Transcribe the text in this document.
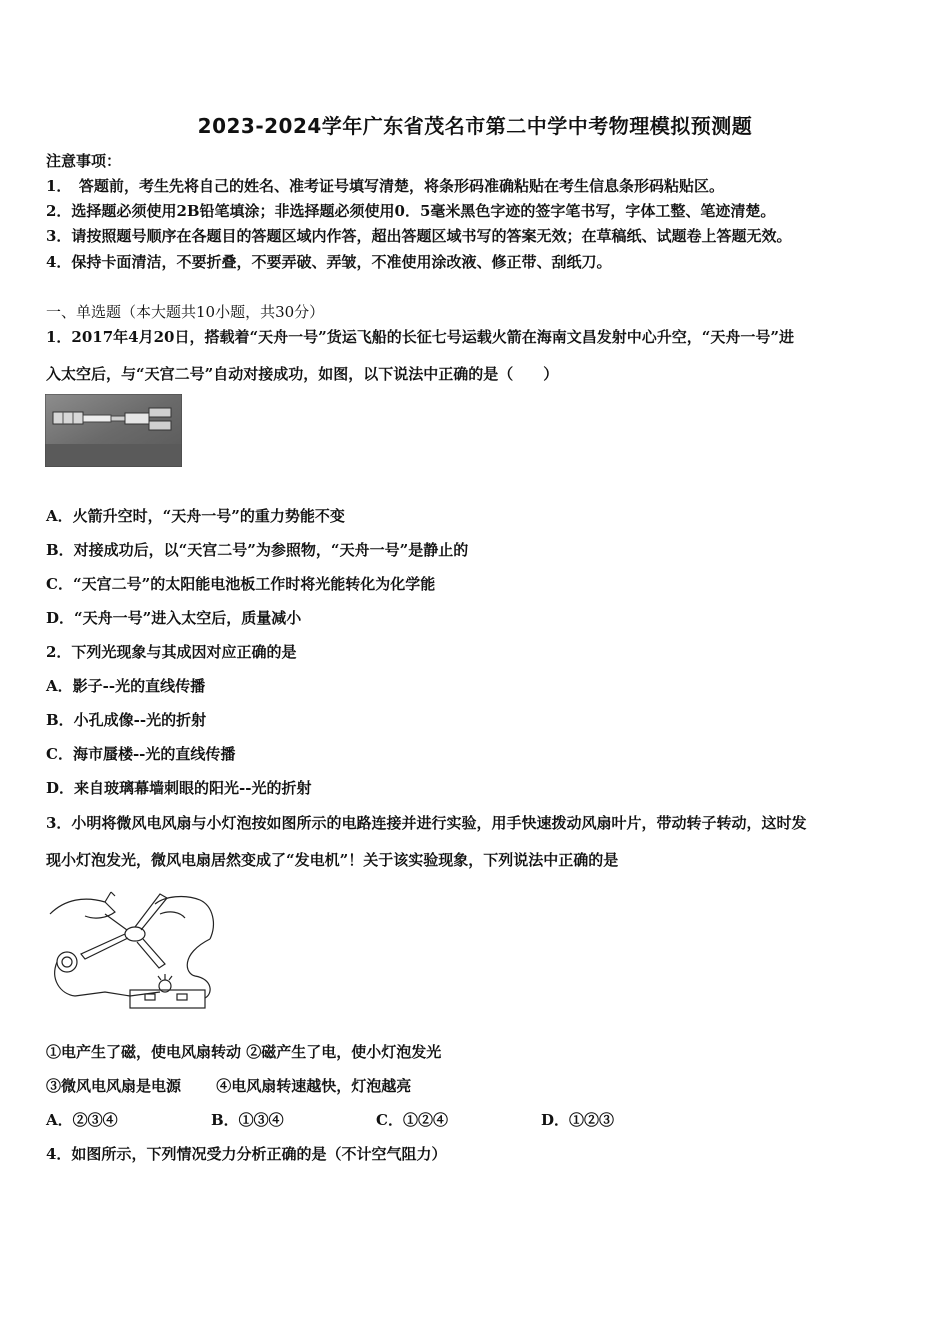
2023-2024学年广东省茂名市第二中学中考物理模拟预测题
注意事项：
1．　答题前，考生先将自己的姓名、准考证号填写清楚，将条形码准确粘贴在考生信息条形码粘贴区。
2．选择题必须使用2B铅笔填涂；非选择题必须使用0．5毫米黑色字迹的签字笔书写，字体工整、笔迹清楚。
3．请按照题号顺序在各题目的答题区域内作答，超出答题区域书写的答案无效；在草稿纸、试题卷上答题无效。
4．保持卡面清洁，不要折叠，不要弄破、弄皱，不准使用涂改液、修正带、刮纸刀。
一、单选题（本大题共10小题，共30分）
1．2017年4月20日，搭载着“天舟一号”货运飞船的长征七号运载火箭在海南文昌发射中心升空，“天舟一号”进
入太空后，与“天宫二号”自动对接成功，如图，以下说法中正确的是（　　）
A．火箭升空时，“天舟一号”的重力势能不变
B．对接成功后，以“天宫二号”为参照物，“天舟一号”是静止的
C．“天宫二号”的太阳能电池板工作时将光能转化为化学能
D．“天舟一号”进入太空后，质量减小
2．下列光现象与其成因对应正确的是
A．影子--光的直线传播
B．小孔成像--光的折射
C．海市蜃楼--光的直线传播
D．来自玻璃幕墙刺眼的阳光--光的折射
3．小明将微风电风扇与小灯泡按如图所示的电路连接并进行实验，用手快速拨动风扇叶片，带动转子转动，这时发
现小灯泡发光，微风电扇居然变成了“发电机”！关于该实验现象，下列说法中正确的是
①电产生了磁，使电风扇转动 ②磁产生了电，使小灯泡发光
③微风电风扇是电源　　 ④电风扇转速越快，灯泡越亮
A．②③④	B．①③④	C．①②④	D．①②③
4．如图所示，下列情况受力分析正确的是（不计空气阻力）
